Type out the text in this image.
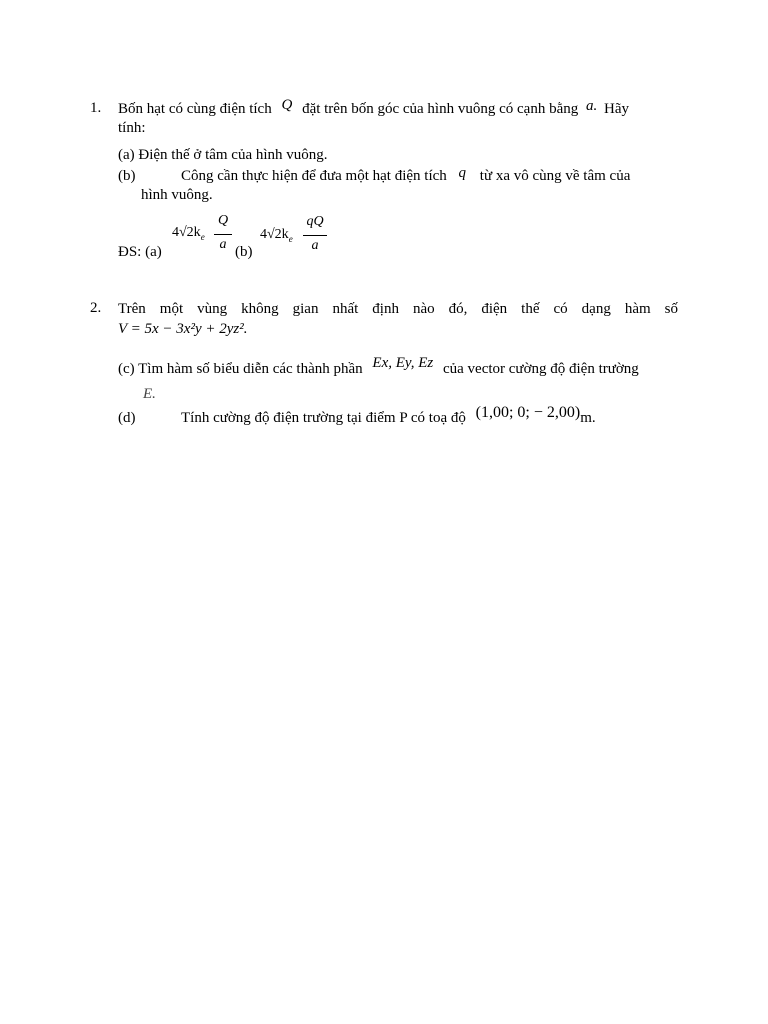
1. Bốn hạt có cùng điện tích Q đặt trên bốn góc của hình vuông có cạnh bằng a. Hãy
tính:
(a) Điện thế ở tâm của hình vuông.
(b)	Công cần thực hiện để đưa một hạt điện tích q từ xa vô cùng về tâm của
hình vuông.
ĐS: (a)
$4√2k_e$
Q
a (b)
$4√2k_e$
qQ
a
2. Trên một vùng không gian nhất định nào đó, điện thế có dạng hàm số
V = 5x − 3x²y + 2yz².
(c) Tìm hàm số biểu diễn các thành phần Ex, Ey, Ez của vector cường độ điện trường
E.
(d)	Tính cường độ điện trường tại điểm P có toạ độ (1,00; 0; − 2,00)m.
